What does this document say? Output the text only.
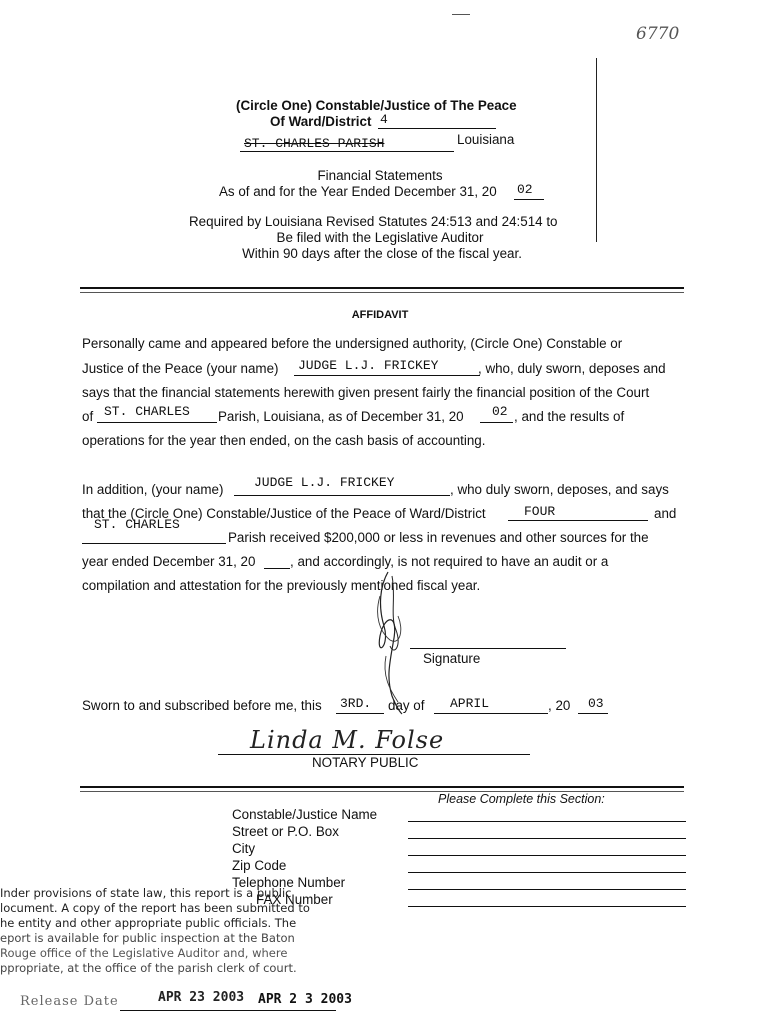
6770
(Circle One) Constable/Justice of The Peace
Of Ward/District 4
ST. CHARLES PARISH	Louisiana
Financial Statements
As of and for the Year Ended December 31, 20 02
Required by Louisiana Revised Statutes 24:513 and 24:514 to
Be filed with the Legislative Auditor
Within 90 days after the close of the fiscal year.
AFFIDAVIT
Personally came and appeared before the undersigned authority, (Circle One) Constable or
Justice of the Peace (your name) JUDGE L.J. FRICKEY	, who, duly sworn, deposes and
says that the financial statements herewith given present fairly the financial position of the Court
of ST. CHARLES Parish, Louisiana, as of December 31, 20 02 , and the results of
operations for the year then ended, on the cash basis of accounting.
In addition, (your name) JUDGE L.J. FRICKEY	, who duly sworn, deposes, and says
that the (Circle One) Constable/Justice of the Peace of Ward/District	FOUR	and
ST. CHARLES
Parish received $200,000 or less in revenues and other sources for the
year ended December 31, 20	, and accordingly, is not required to have an audit or a
compilation and attestation for the previously mentioned fiscal year.
Signature
Sworn to and subscribed before me, this 3RD. day of APRIL	, 20 03
Linda M. Folse
NOTARY PUBLIC
Please Complete this Section:
Constable/Justice Name
Street or P.O. Box
City
Zip Code
Telephone Number
FAX Number
Inder provisions of state law, this report is a public
locument. A copy of the report has been submitted to
he entity and other appropriate public officials. The
eport is available for public inspection at the Baton
Rouge office of the Legislative Auditor and, where
ppropriate, at the office of the parish clerk of court.
Release Date	APR 23 2003 APR 2 3 2003
